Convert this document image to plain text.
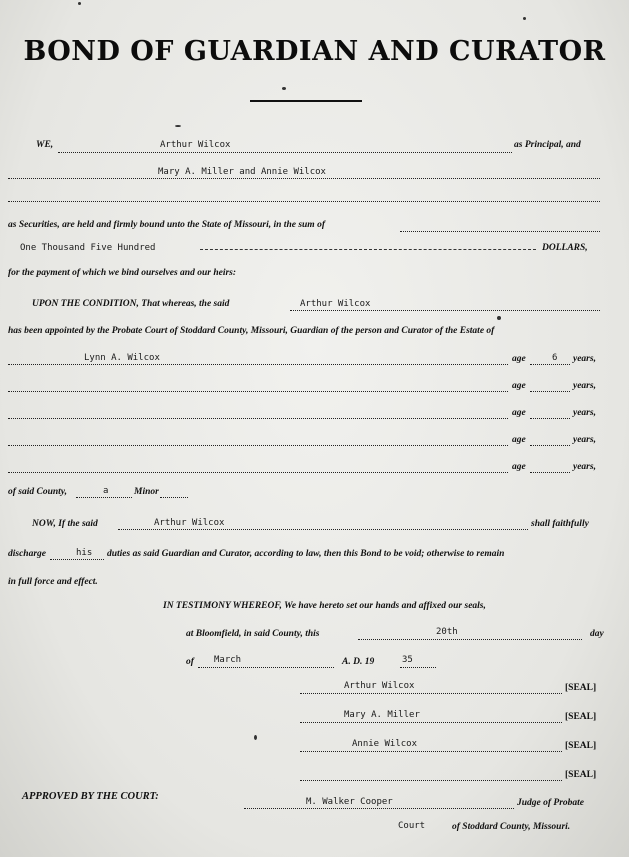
BOND OF GUARDIAN AND CURATOR
WE,	Arthur Wilcox	as Principal, and
Mary A. Miller and Annie Wilcox
as Securities, are held and firmly bound unto the State of Missouri, in the sum of
One Thousand Five Hundred	DOLLARS,
for the payment of which we bind ourselves and our heirs:
UPON THE CONDITION, That whereas, the said	Arthur Wilcox
has been appointed by the Probate Court of Stoddard County, Missouri, Guardian of the person and Curator of the Estate of
Lynn A. Wilcox	age	6 years,
age	years,
age	years,
age	years,
age	years,
of said County,	a	Minor
NOW, If the said	Arthur Wilcox	shall faithfully
discharge	his duties as said Guardian and Curator, according to law, then this Bond to be void; otherwise to remain
in full force and effect.
IN TESTIMONY WHEREOF, We have hereto set our hands and affixed our seals,
at Bloomfield, in said County, this	20th	day
of March	A. D. 19	35
Arthur Wilcox	[SEAL]
Mary A. Miller	[SEAL]
Annie Wilcox	[SEAL]
[SEAL]
APPROVED BY THE COURT:	M. Walker Cooper	Judge of Probate
Court	of Stoddard County, Missouri.
